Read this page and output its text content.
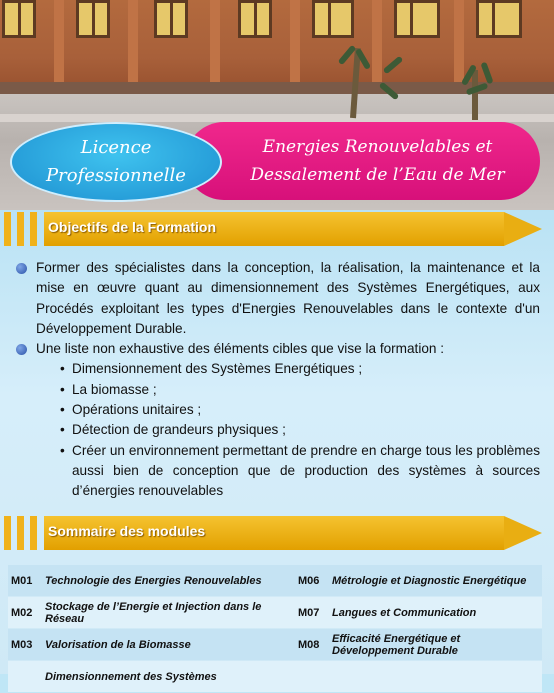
Energies Renouvelables et
Dessalement de l’Eau de Mer
Licence
Professionnelle
Objectifs de la Formation
Former des spécialistes dans la conception, la réalisation, la maintenance et la mise en œuvre quant au dimensionnement des Systèmes Energétiques, aux Procédés exploitant les types d'Energies Renouvelables dans le contexte d'un Développement Durable.
Une liste non exhaustive des éléments cibles que vise la formation :
• Dimensionnement des Systèmes Energétiques ;
• La biomasse ;
• Opérations unitaires ;
• Détection de grandeurs physiques ;
• Créer un environnement permettant de prendre en charge tous les problèmes aussi bien de conception que de production des systèmes à sources d’énergies renouvelables
Sommaire des modules
M01	Technologie des Energies Renouvelables	M06	Métrologie et Diagnostic Energétique
M02	Stockage de l’Energie et Injection dans le Réseau	M07	Langues et Communication
M03	Valorisation de la Biomasse	M08	Efficacité Energétique et Développement Durable
	Dimensionnement des Systèmes		
